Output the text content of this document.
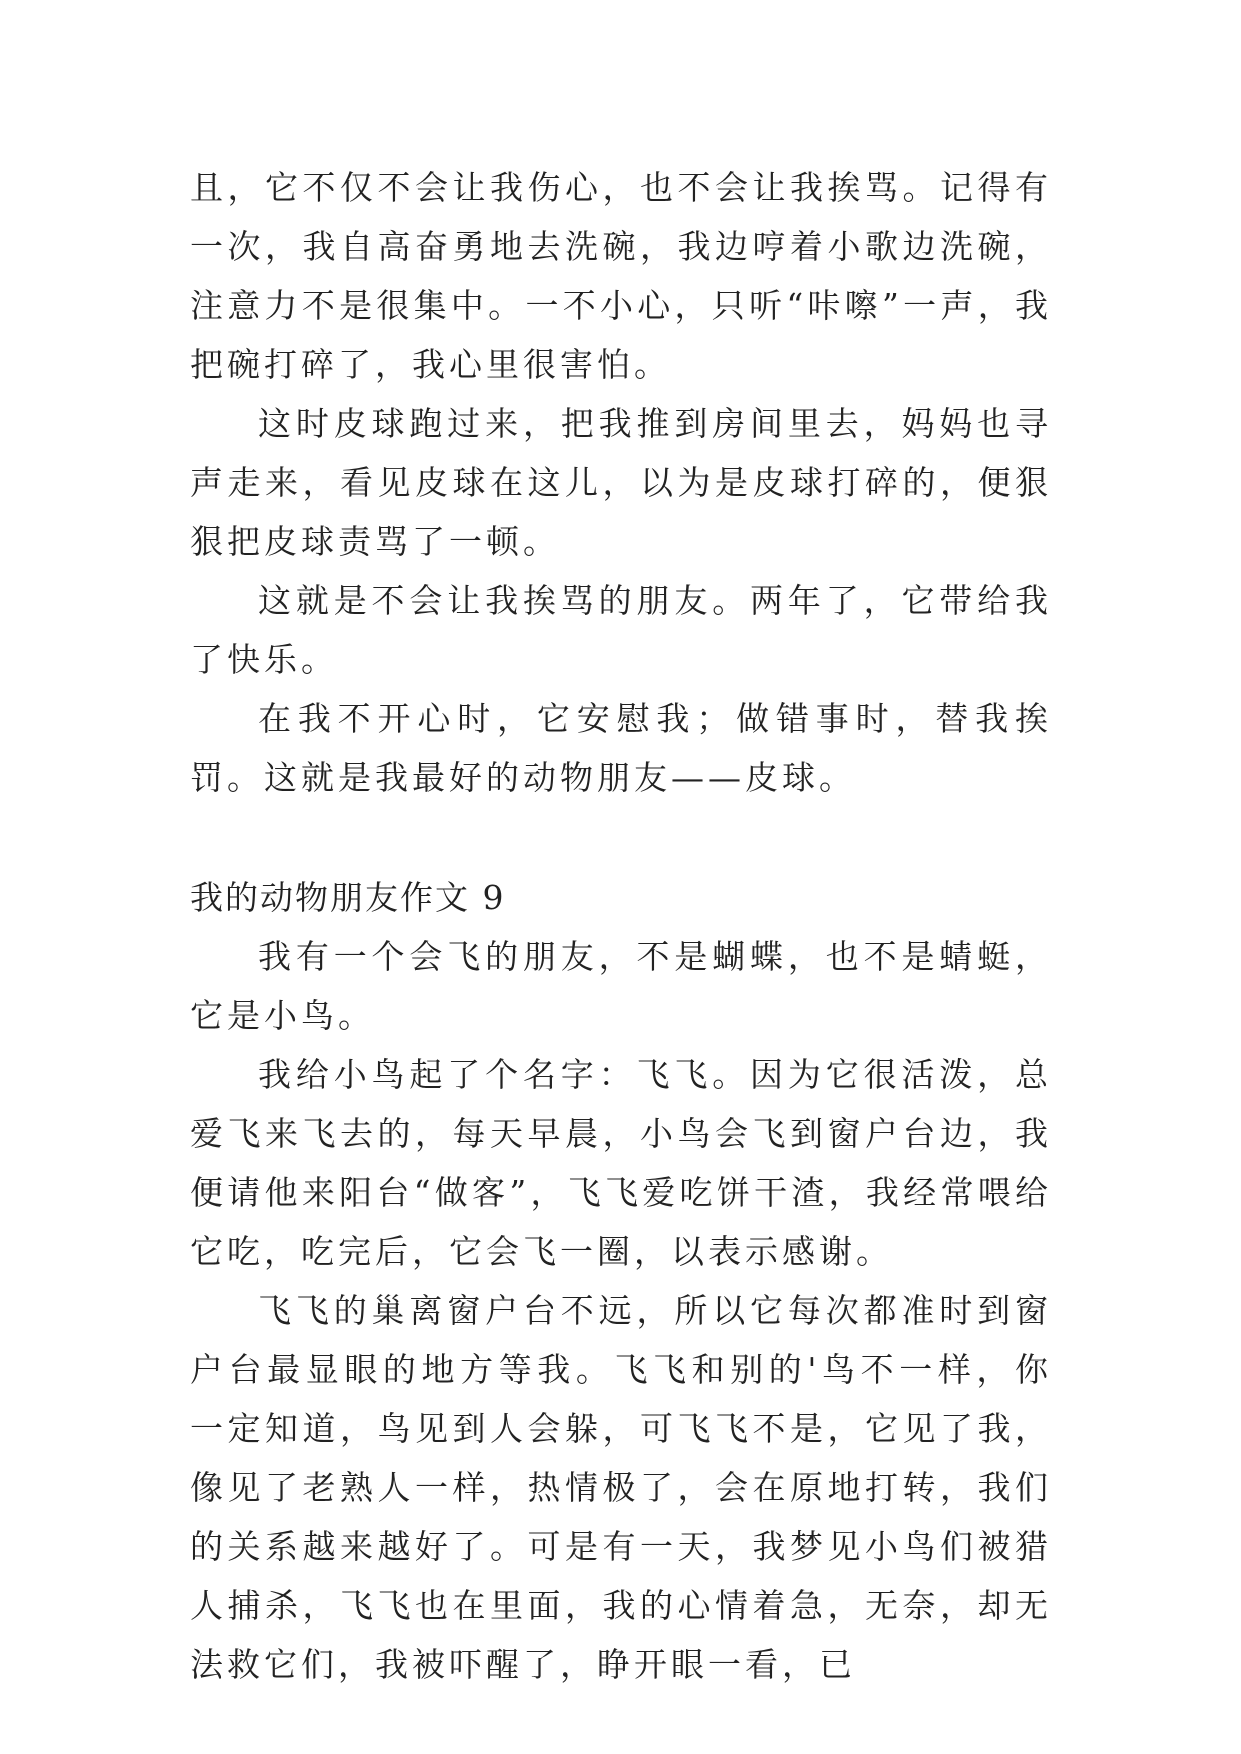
且，它不仅不会让我伤心，也不会让我挨骂。记得有一次，我自高奋勇地去洗碗，我边哼着小歌边洗碗，注意力不是很集中。一不小心，只听“咔嚓”一声，我把碗打碎了，我心里很害怕。

这时皮球跑过来，把我推到房间里去，妈妈也寻声走来，看见皮球在这儿，以为是皮球打碎的，便狠狠把皮球责骂了一顿。

这就是不会让我挨骂的朋友。两年了，它带给我了快乐。

在我不开心时，它安慰我；做错事时，替我挨罚。这就是我最好的动物朋友——皮球。

我的动物朋友作文 9

我有一个会飞的朋友，不是蝴蝶，也不是蜻蜓，它是小鸟。

我给小鸟起了个名字：飞飞。因为它很活泼，总爱飞来飞去的，每天早晨，小鸟会飞到窗户台边，我便请他来阳台“做客”，飞飞爱吃饼干渣，我经常喂给它吃，吃完后，它会飞一圈，以表示感谢。

飞飞的巢离窗户台不远，所以它每次都准时到窗户台最显眼的地方等我。飞飞和别的'鸟不一样，你一定知道，鸟见到人会躲，可飞飞不是，它见了我，像见了老熟人一样，热情极了，会在原地打转，我们的关系越来越好了。可是有一天，我梦见小鸟们被猎人捕杀，飞飞也在里面，我的心情着急，无奈，却无法救它们，我被吓醒了，睁开眼一看，已
